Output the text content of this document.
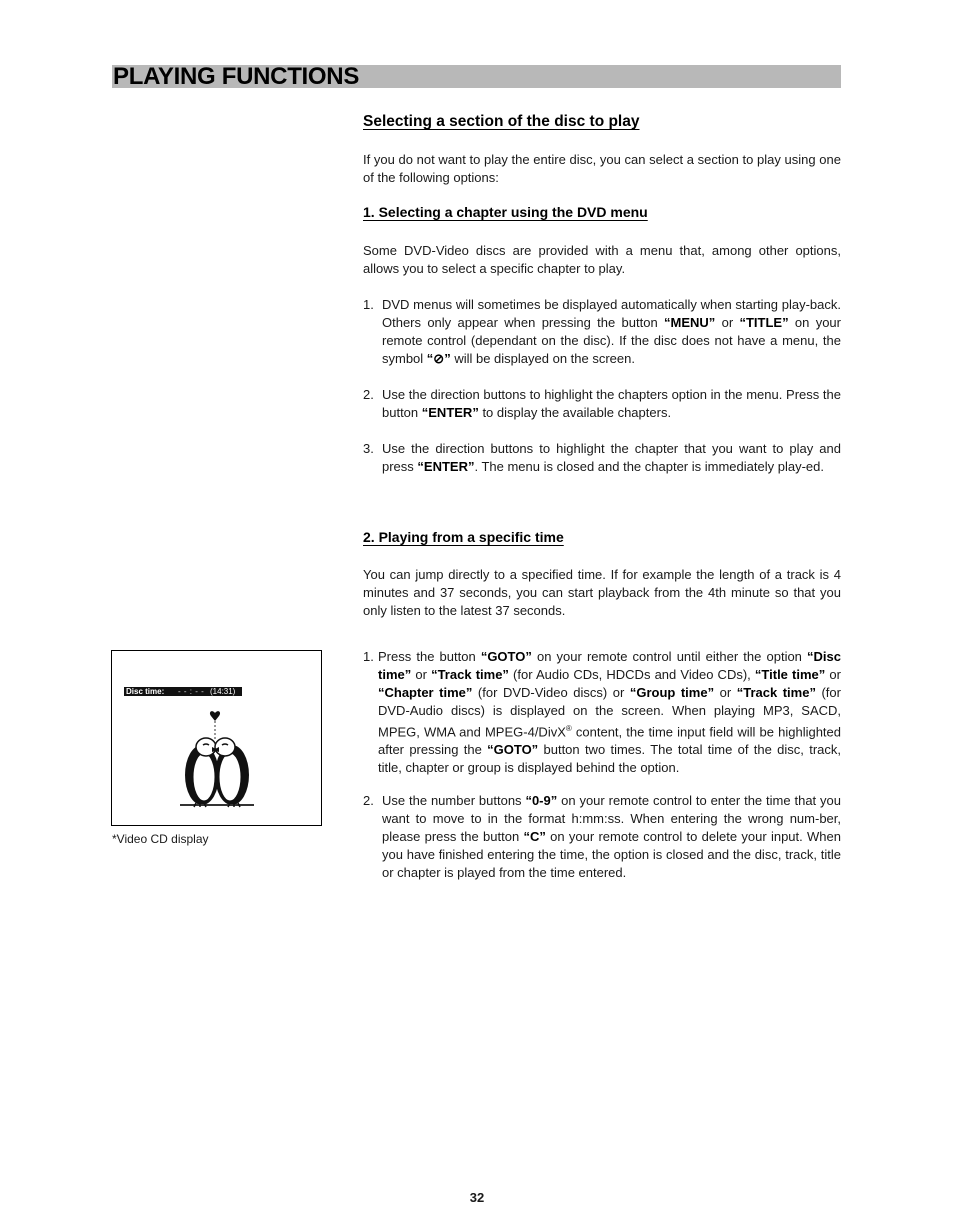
PLAYING FUNCTIONS
Selecting a section of the disc to play
If you do not want to play the entire disc, you can select a section to play using one of the following options:
1. Selecting a chapter using the DVD menu
Some DVD-Video discs are provided with a menu that, among other options, allows you to select a specific chapter to play.
1. DVD menus will sometimes be displayed automatically when starting play-back. Others only appear when pressing the button “MENU” or “TITLE” on your remote control (dependant on the disc). If the disc does not have a menu, the symbol “⊘” will be displayed on the screen.
2. Use the direction buttons to highlight the chapters option in the menu. Press the button “ENTER” to display the available chapters.
3. Use the direction buttons to highlight the chapter that you want to play and press “ENTER”. The menu is closed and the chapter is immediately play-ed.
2. Playing from a specific time
You can jump directly to a specified time. If for example the length of a track is 4 minutes and 37 seconds, you can start playback from the 4th minute so that you only listen to the latest 37 seconds.
1. Press the button “GOTO” on your remote control until either the option “Disc time” or “Track time” (for Audio CDs, HDCDs and Video CDs), “Title time” or “Chapter time” (for DVD-Video discs) or “Group time” or “Track time” (for DVD-Audio discs) is displayed on the screen. When playing MP3, SACD, MPEG, WMA and MPEG-4/DivX® content, the time input field will be highlighted after pressing the “GOTO” button two times. The total time of the disc, track, title, chapter or group is displayed behind the option.
2. Use the number buttons “0-9” on your remote control to enter the time that you want to move to in the format h:mm:ss. When entering the wrong num-ber, please press the button “C” on your remote control to delete your input. When you have finished entering the time, the option is closed and the disc, track, title or chapter is played from the time entered.
Disc time:	- - : - - (14:31)
*Video CD display
32
